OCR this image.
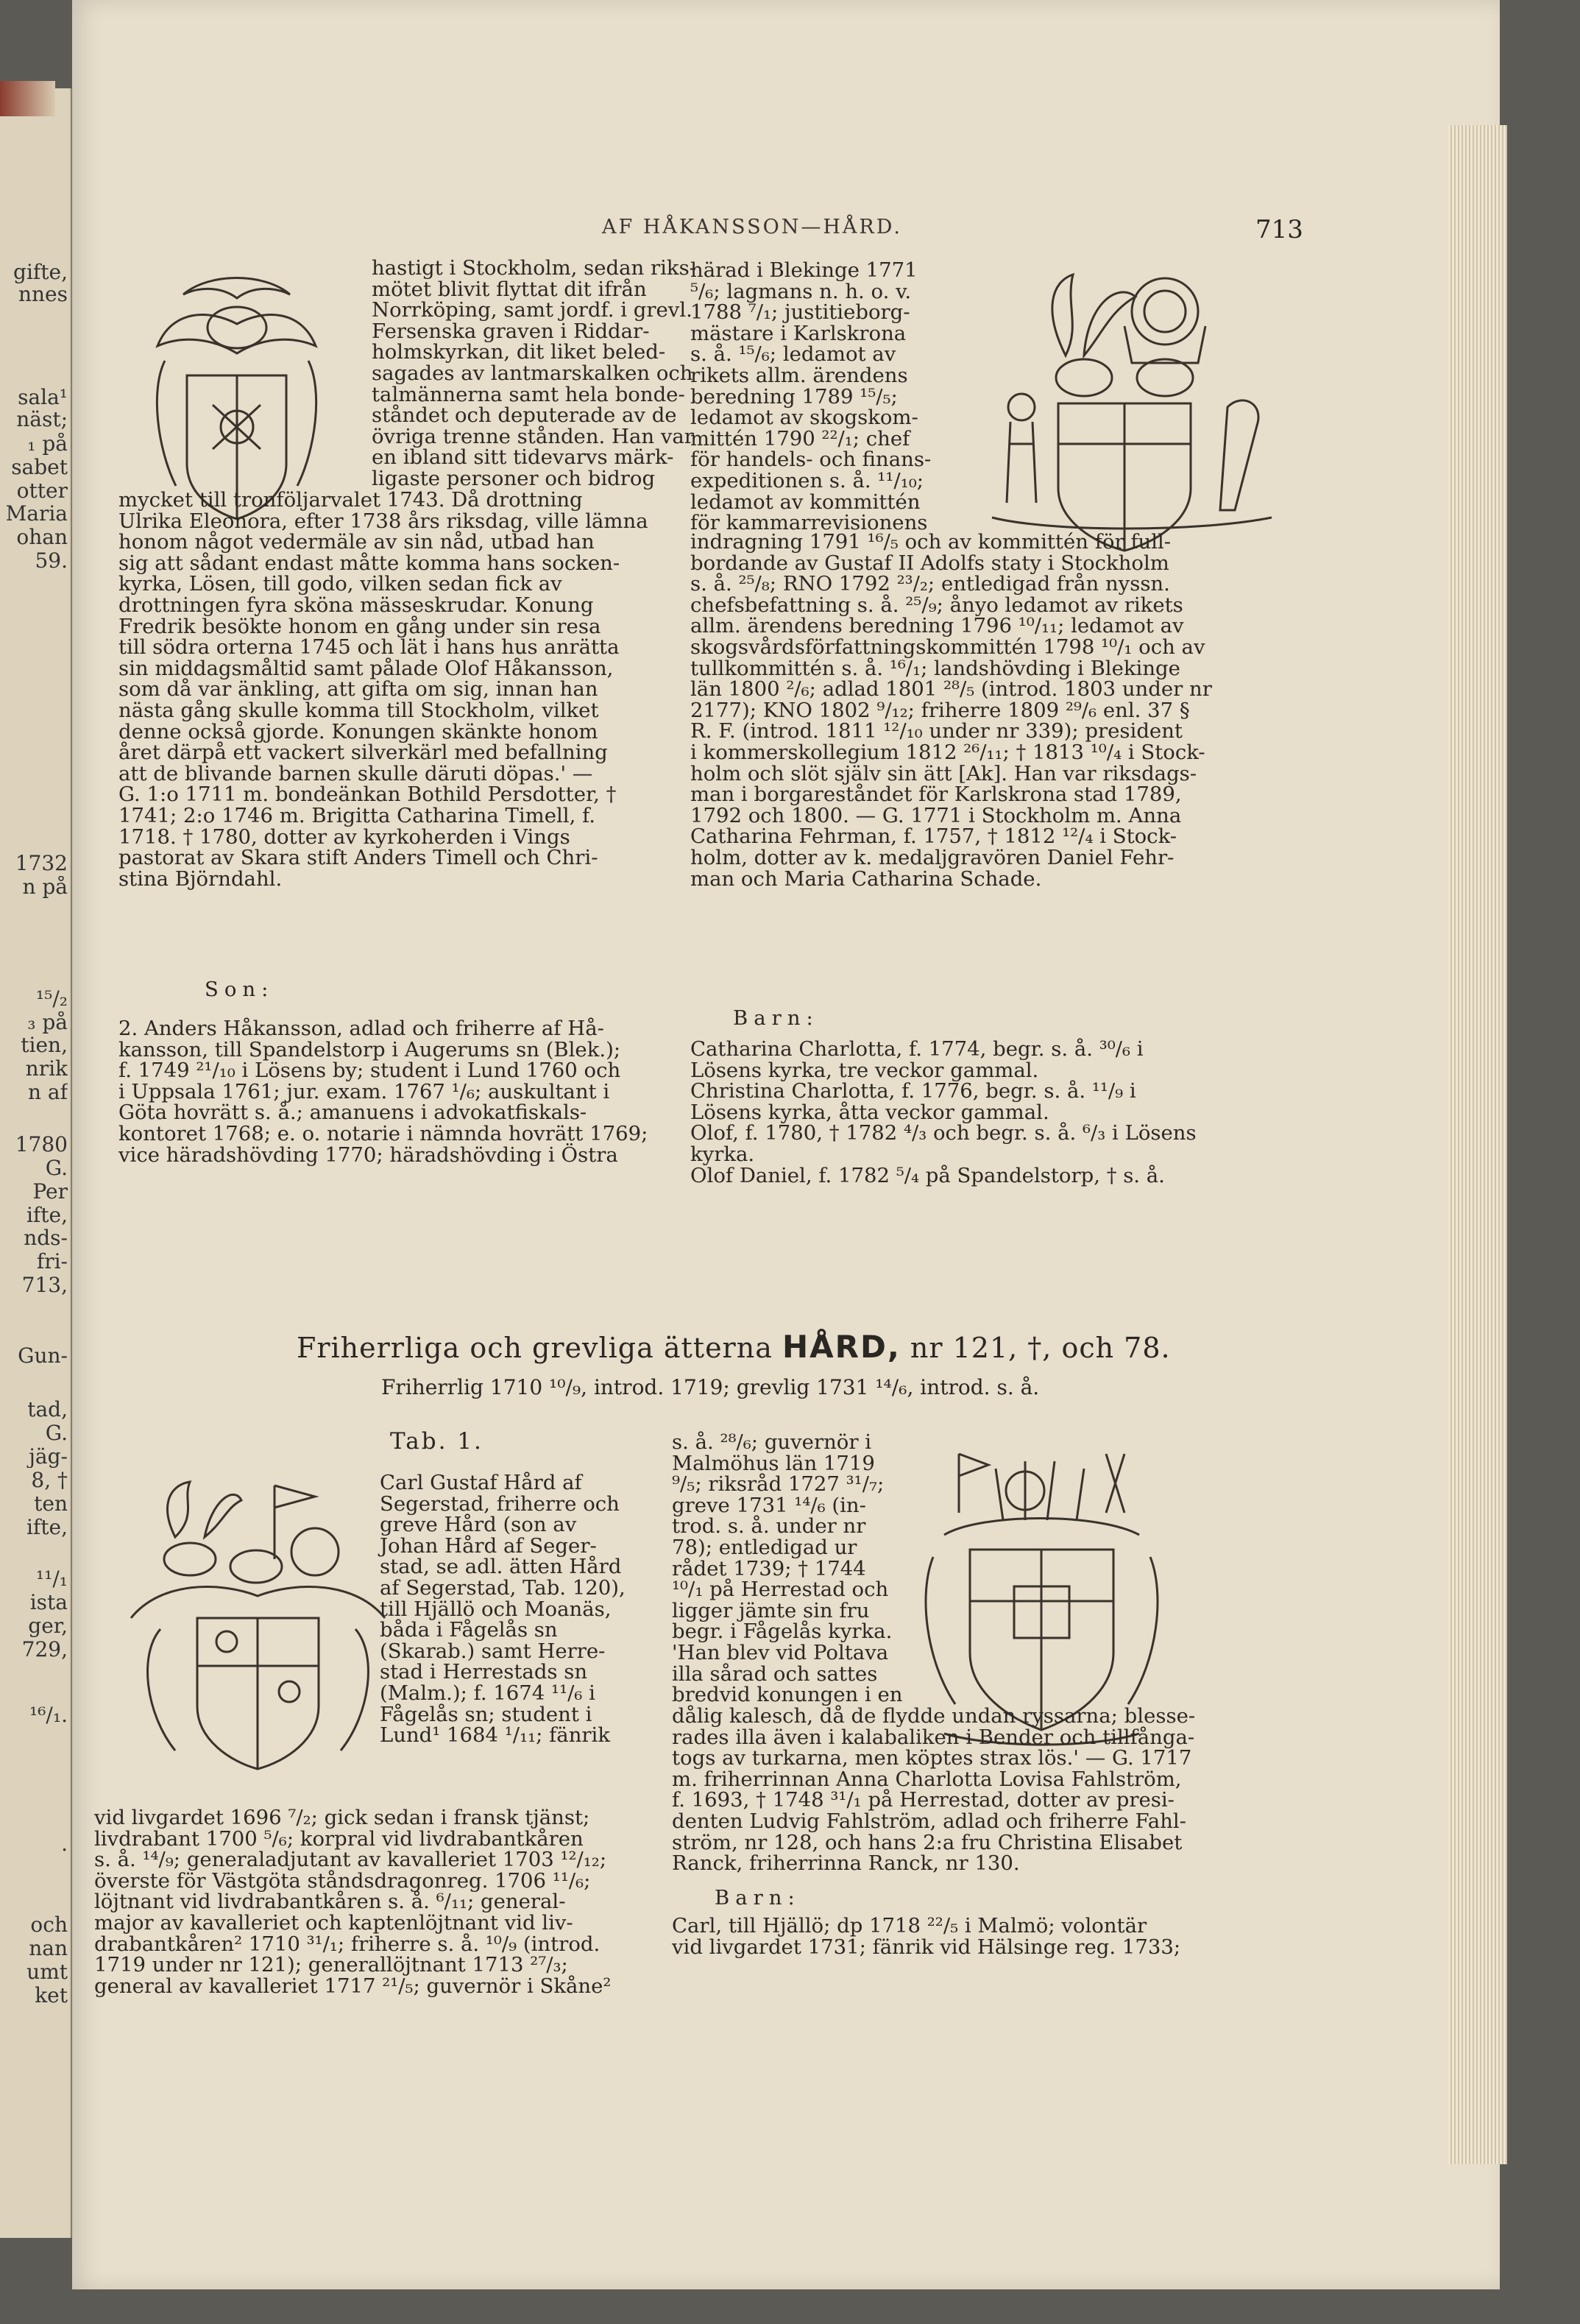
gifte,
nnes
sala¹
näst;
₁ på
sabet
otter
Maria
ohan
59.
1732
n på
¹⁵/₂
₃ på
tien,
nrik
n af
1780
G.
Per
ifte,
nds-
fri-
713,
Gun-
tad,
G.
jäg-
8, †
ten
ifte,
¹¹/₁
ista
ger,
729,
¹⁶/₁.
.
och
nan
umt
ket
AF HÅKANSSON—HÅRD.	713

hastigt i Stockholm, sedan riks-

mötet blivit flyttat dit ifrån

Norrköping, samt jordf. i grevl.

Fersenska graven i Riddar-

holmskyrkan, dit liket beled-

sagades av lantmarskalken och

talmännerna samt hela bonde-

ståndet och deputerade av de

övriga trenne stånden. Han var

en ibland sitt tidevarvs märk-

ligaste personer och bidrog

mycket till tronföljarvalet 1743. Då drottning

Ulrika Eleonora, efter 1738 års riksdag, ville lämna

honom något vedermäle av sin nåd, utbad han

sig att sådant endast måtte komma hans socken-

kyrka, Lösen, till godo, vilken sedan fick av

drottningen fyra sköna mässeskrudar. Konung

Fredrik besökte honom en gång under sin resa

till södra orterna 1745 och lät i hans hus anrätta

sin middagsmåltid samt pålade Olof Håkansson,

som då var änkling, att gifta om sig, innan han

nästa gång skulle komma till Stockholm, vilket

denne också gjorde. Konungen skänkte honom

året därpå ett vackert silverkärl med befallning

att de blivande barnen skulle däruti döpas.' —

G. 1:o 1711 m. bondeänkan Bothild Persdotter, †

1741; 2:o 1746 m. Brigitta Catharina Timell, f.

1718. † 1780, dotter av kyrkoherden i Vings

pastorat av Skara stift Anders Timell och Chri-

stina Björndahl.

Son:

2. Anders Håkansson, adlad och friherre af Hå-

kansson, till Spandelstorp i Augerums sn (Blek.);

f. 1749 ²¹/₁₀ i Lösens by; student i Lund 1760 och

i Uppsala 1761; jur. exam. 1767 ¹/₆; auskultant i

Göta hovrätt s. å.; amanuens i advokatfiskals-

kontoret 1768; e. o. notarie i nämnda hovrätt 1769;

vice häradshövding 1770; häradshövding i Östra

härad i Blekinge 1771

⁵/₆; lagmans n. h. o. v.

1788 ⁷/₁; justitieborg-

mästare i Karlskrona

s. å. ¹⁵/₆; ledamot av

rikets allm. ärendens

beredning 1789 ¹⁵/₅;

ledamot av skogskom-

mittén 1790 ²²/₁; chef

för handels- och finans-

expeditionen s. å. ¹¹/₁₀;

ledamot av kommittén

för kammarrevisionens

indragning 1791 ¹⁶/₅ och av kommittén för full-

bordande av Gustaf II Adolfs staty i Stockholm

s. å. ²⁵/₈; RNO 1792 ²³/₂; entledigad från nyssn.

chefsbefattning s. å. ²⁵/₉; ånyo ledamot av rikets

allm. ärendens beredning 1796 ¹⁰/₁₁; ledamot av

skogsvårdsförfattningskommittén 1798 ¹⁰/₁ och av

tullkommittén s. å. ¹⁶/₁; landshövding i Blekinge

län 1800 ²/₆; adlad 1801 ²⁸/₅ (introd. 1803 under nr

2177); KNO 1802 ⁹/₁₂; friherre 1809 ²⁹/₆ enl. 37 §

R. F. (introd. 1811 ¹²/₁₀ under nr 339); president

i kommerskollegium 1812 ²⁶/₁₁; † 1813 ¹⁰/₄ i Stock-

holm och slöt själv sin ätt [Ak]. Han var riksdags-

man i borgareståndet för Karlskrona stad 1789,

1792 och 1800. — G. 1771 i Stockholm m. Anna

Catharina Fehrman, f. 1757, † 1812 ¹²/₄ i Stock-

holm, dotter av k. medaljgravören Daniel Fehr-

man och Maria Catharina Schade.

Barn:

Catharina Charlotta, f. 1774, begr. s. å. ³⁰/₆ i

Lösens kyrka, tre veckor gammal.

Christina Charlotta, f. 1776, begr. s. å. ¹¹/₉ i

Lösens kyrka, åtta veckor gammal.

Olof, f. 1780, † 1782 ⁴/₃ och begr. s. å. ⁶/₃ i Lösens

kyrka.

Olof Daniel, f. 1782 ⁵/₄ på Spandelstorp, † s. å.

Friherrliga och grevliga ätterna HÅRD, nr 121, †, och 78.
Friherrlig 1710 ¹⁰/₉, introd. 1719; grevlig 1731 ¹⁴/₆, introd. s. å.
Tab. 1.

Carl Gustaf Hård af

Segerstad, friherre och

greve Hård (son av

Johan Hård af Seger-

stad, se adl. ätten Hård

af Segerstad, Tab. 120),

till Hjällö och Moanäs,

båda i Fågelås sn

(Skarab.) samt Herre-

stad i Herrestads sn

(Malm.); f. 1674 ¹¹/₆ i

Fågelås sn; student i

Lund¹ 1684 ¹/₁₁; fänrik

vid livgardet 1696 ⁷/₂; gick sedan i fransk tjänst;

livdrabant 1700 ⁵/₆; korpral vid livdrabantkåren

s. å. ¹⁴/₉; generaladjutant av kavalleriet 1703 ¹²/₁₂;

överste för Västgöta ståndsdragonreg. 1706 ¹¹/₆;

löjtnant vid livdrabantkåren s. å. ⁶/₁₁; general-

major av kavalleriet och kaptenlöjtnant vid liv-

drabantkåren² 1710 ³¹/₁; friherre s. å. ¹⁰/₉ (introd.

1719 under nr 121); generallöjtnant 1713 ²⁷/₃;

general av kavalleriet 1717 ²¹/₅; guvernör i Skåne²

s. å. ²⁸/₆; guvernör i

Malmöhus län 1719

⁹/₅; riksråd 1727 ³¹/₇;

greve 1731 ¹⁴/₆ (in-

trod. s. å. under nr

78); entledigad ur

rådet 1739; † 1744

¹⁰/₁ på Herrestad och

ligger jämte sin fru

begr. i Fågelås kyrka.

'Han blev vid Poltava

illa sårad och sattes

bredvid konungen i en

dålig kalesch, då de flydde undan ryssarna; blesse-

rades illa även i kalabaliken i Bender och tillfånga-

togs av turkarna, men köptes strax lös.' — G. 1717

m. friherrinnan Anna Charlotta Lovisa Fahlström,

f. 1693, † 1748 ³¹/₁ på Herrestad, dotter av presi-

denten Ludvig Fahlström, adlad och friherre Fahl-

ström, nr 128, och hans 2:a fru Christina Elisabet

Ranck, friherrinna Ranck, nr 130.

Barn:

Carl, till Hjällö; dp 1718 ²²/₅ i Malmö; volontär

vid livgardet 1731; fänrik vid Hälsinge reg. 1733;
